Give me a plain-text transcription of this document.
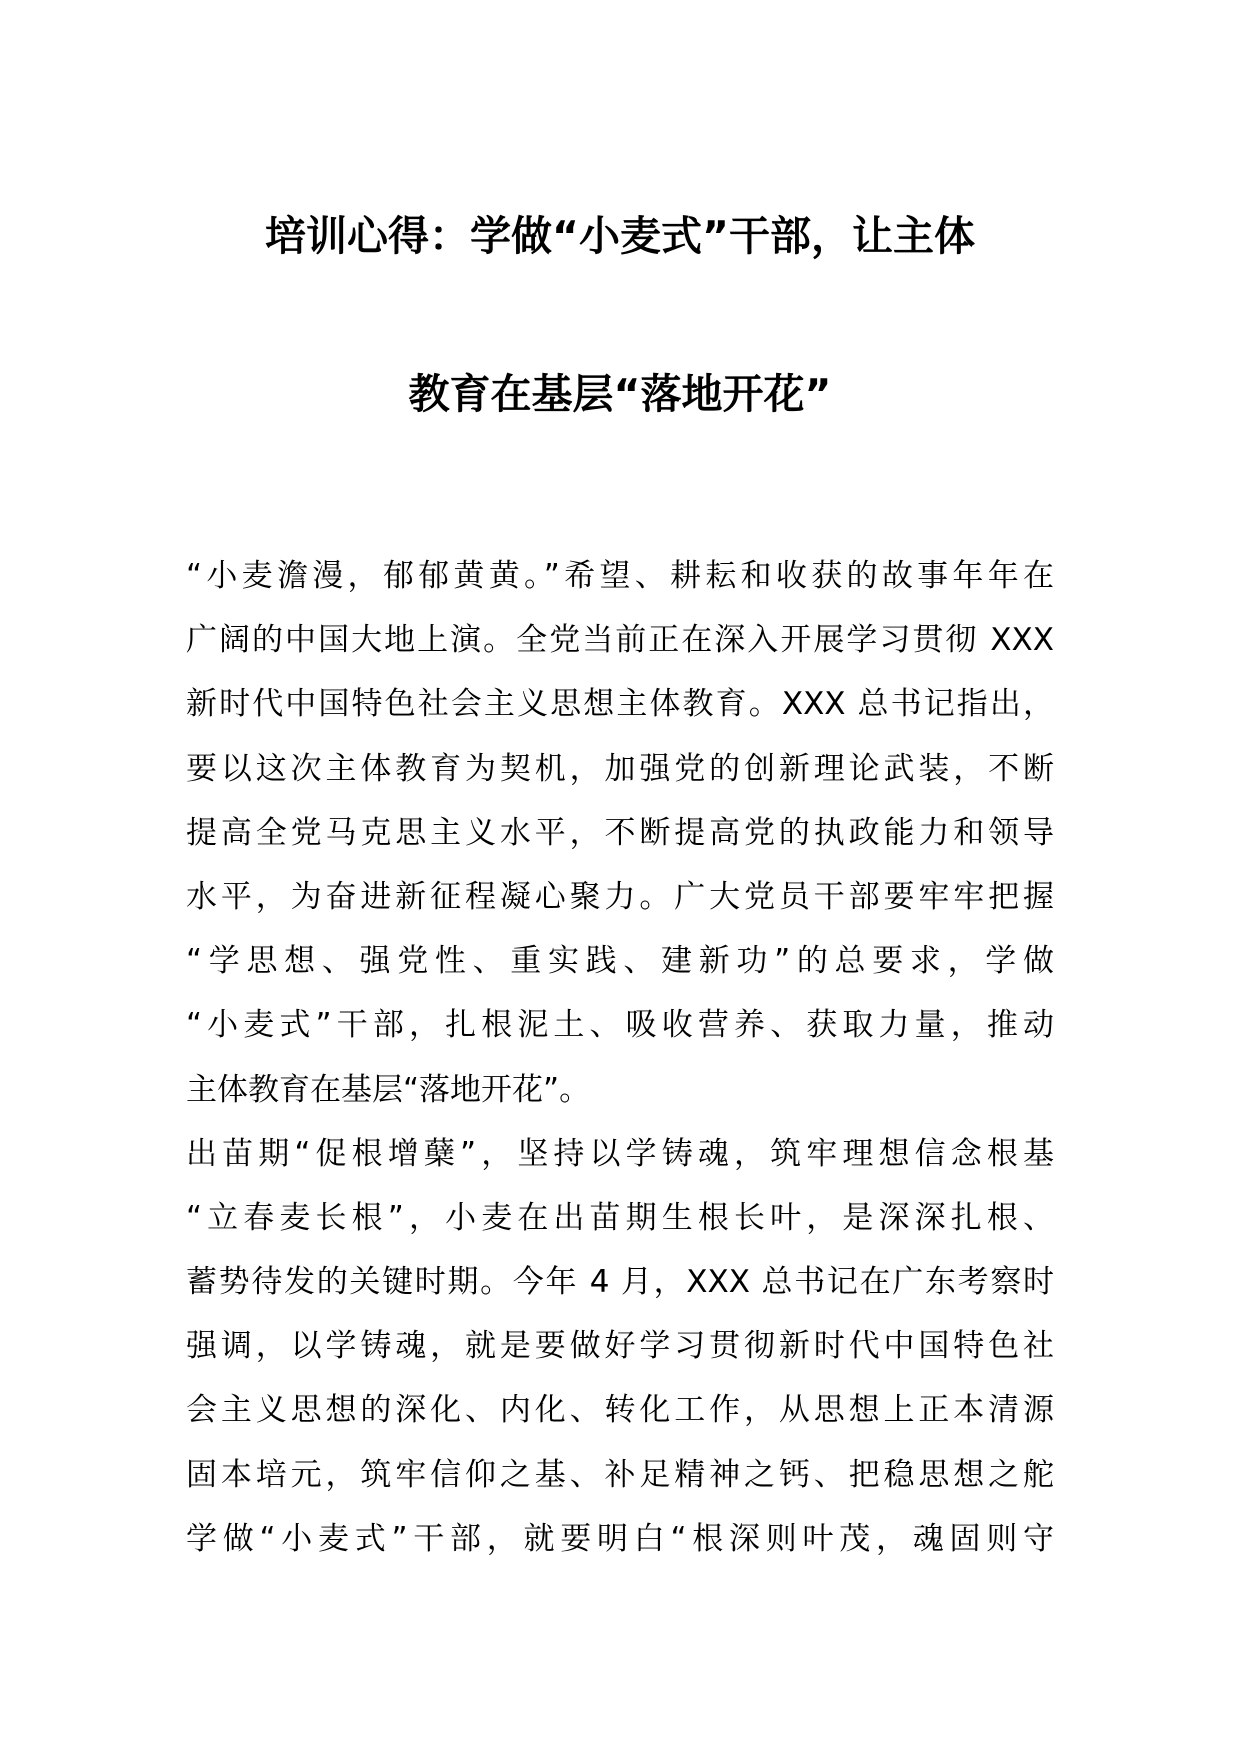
培训心得：学做“小麦式”干部，让主体
教育在基层“落地开花”
“小麦澹漫，郁郁黄黄。”希望、耕耘和收获的故事年年在
广阔的中国大地上演。全党当前正在深入开展学习贯彻 XXX
新时代中国特色社会主义思想主体教育。XXX 总书记指出，
要以这次主体教育为契机，加强党的创新理论武装，不断
提高全党马克思主义水平，不断提高党的执政能力和领导
水平，为奋进新征程凝心聚力。广大党员干部要牢牢把握
“学思想、强党性、重实践、建新功”的总要求，学做
“小麦式”干部，扎根泥土、吸收营养、获取力量，推动
主体教育在基层“落地开花”。
出苗期“促根增蘖”，坚持以学铸魂，筑牢理想信念根基
“立春麦长根”，小麦在出苗期生根长叶，是深深扎根、
蓄势待发的关键时期。今年 4 月，XXX 总书记在广东考察时
强调，以学铸魂，就是要做好学习贯彻新时代中国特色社
会主义思想的深化、内化、转化工作，从思想上正本清源
固本培元，筑牢信仰之基、补足精神之钙、把稳思想之舵
学做“小麦式”干部，就要明白“根深则叶茂，魂固则守
